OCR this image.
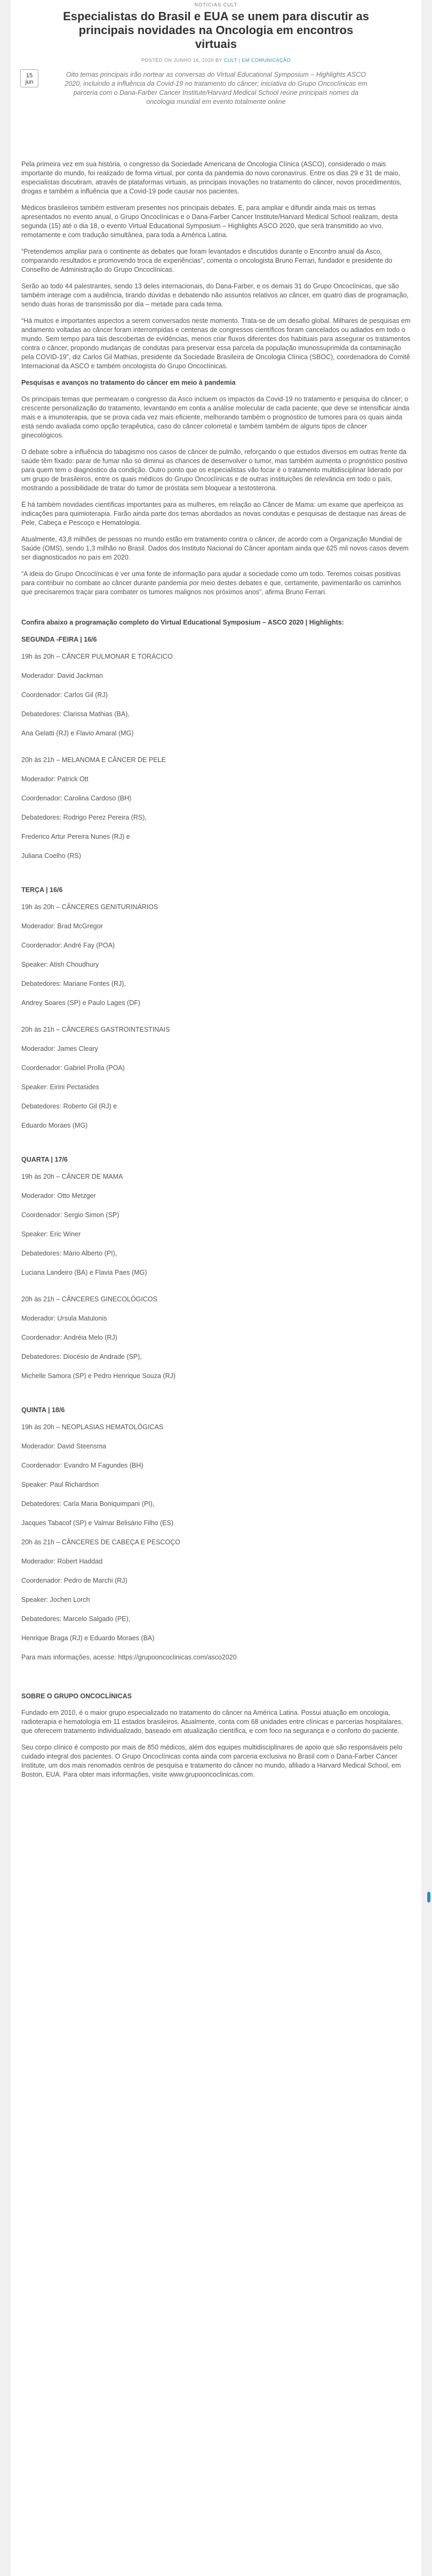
NOTÍCIAS CULT
Especialistas do Brasil e EUA se unem para discutir as principais novidades na Oncologia em encontros virtuais
POSTED ON JUNHO 16, 2020 BY CULT | EM COMUNICAÇÃO
Oito temas principais irão nortear as conversas do Virtual Educational Symposium – Highlights ASCO 2020, incluindo a influência da Covid-19 no tratamento do câncer; iniciativa do Grupo Oncoclínicas em parceria com o Dana-Farber Cancer Institute/Harvard Medical School reúne principais nomes da oncologia mundial em evento totalmente online
15
jun

Pela primeira vez em sua história, o congresso da Sociedade Americana de Oncologia Clínica (ASCO), considerado o mais importante do mundo, foi realizado de forma virtual, por conta da pandemia do novo coronavírus. Entre os dias 29 e 31 de maio, especialistas discutiram, através de plataformas virtuais, as principais inovações no tratamento do câncer, novos procedimentos, drogas e também a influência que a Covid-19 pode causar nos pacientes.

Médicos brasileiros também estiveram presentes nos principais debates. E, para ampliar e difundir ainda mais os temas apresentados no evento anual, o Grupo Oncoclínicas e o Dana-Farber Cancer Institute/Harvard Medical School realizam, desta segunda (15) até o dia 18, o evento Virtual Educational Symposium – Highlights ASCO 2020, que será transmitido ao vivo, remotamente e com tradução simultânea, para toda a América Latina.

“Pretendemos ampliar para o continente as debates que foram levantados e discutidos durante o Encontro anual da Asco, comparando resultados e promovendo troca de experiências”, comenta o oncologista Bruno Ferrari, fundador e presidente do Conselho de Administração do Grupo Oncoclínicas.

Serão ao todo 44 palestrantes, sendo 13 deles internacionais, do Dana-Farber, e os demais 31 do Grupo Oncoclínicas, que são também interage com a audiência, tirando dúvidas e debatendo não assuntos relativos ao câncer, em quatro dias de programação, sendo duas horas de transmissão por dia – metade para cada tema.

“Há muitos e importantes aspectos a serem conversados neste momento. Trata-se de um desafio global. Milhares de pesquisas em andamento voltadas ao câncer foram interrompidas e centenas de congressos científicos foram cancelados ou adiados em todo o mundo. Sem tempo para tais descobertas de evidências, menos criar fluxos diferentes dos habituais para assegurar os tratamentos contra o câncer, propondo mudanças de condutas para preservar essa parcela da população imunossuprimida da contaminação pela COVID-19”, diz Carlos Gil Mathias, presidente da Sociedade Brasileira de Oncologia Clínica (SBOC), coordenadora do Comitê Internacional da ASCO e também oncologista do Grupo Oncoclínicas.

Pesquisas e avanços no tratamento do câncer em meio à pandemia

Os principais temas que permearam o congresso da Asco incluem os impactos da Covid-19 no tratamento e pesquisa do câncer; o crescente personalização do tratamento, levantando em conta a análise molecular de cada paciente, que deve se intensificar ainda mais e a imunoterapia, que se prova cada vez mais eficiente, melhorando também o prognóstico de tumores para os quais ainda está sendo avaliada como opção terapêutica, caso do câncer colorretal e também também de alguns tipos de câncer ginecológicos.

O debate sobre a influência do tabagismo nos casos de câncer de pulmão, reforçando o que estudos diversos em outras frente da saúde têm fixado: parar de fumar não só diminui as chances de desenvolver o tumor, mas também aumenta o prognóstico positivo para quem tem o diagnóstico da condição. Outro ponto que os especialistas vão focar é o tratamento multidisciplinar liderado por um grupo de brasileiros, entre os quais médicos do Grupo Oncoclínicas e de outras instituições de relevância em todo o país, mostrando a possibilidade de tratar do tumor de próstata sem bloquear a testosterona.

É há também novidades científicas importantes para as mulheres, em relação ao Câncer de Mama: um exame que aperfeiçoa as indicações para quimioterapia. Farão ainda parte dos temas abordados as novas condutas e pesquisas de destaque nas áreas de Pele, Cabeça e Pescoço e Hematologia.

Atualmente, 43,8 milhões de pessoas no mundo estão em tratamento contra o câncer, de acordo com a Organização Mundial de Saúde (OMS), sendo 1,3 milhão no Brasil. Dados dos Instituto Nacional do Câncer apontam ainda que 625 mil novos casos devem ser diagnosticados no país em 2020.

“A ideia do Grupo Oncoclínicas é ver uma fonte de informação para ajudar a sociedade como um todo. Teremos coisas positivas para contribuir no combate ao câncer durante pandemia por meio destes debates e que, certamente, pavimentarão os caminhos que precisaremos traçar para combater os tumores malignos nos próximos anos”, afirma Bruno Ferrari.

Confira abaixo a programação completo do Virtual Educational Symposium – ASCO 2020 | Highlights:

SEGUNDA -FEIRA | 16/6

19h às 20h – CÂNCER PULMONAR E TORÁCICO

Moderador: David Jackman

Coordenador: Carlos Gil (RJ)

Debatedores: Clarissa Mathias (BA),

Ana Gelatti (RJ) e Flavio Amaral (MG)

20h às 21h – MELANOMA E CÂNCER DE PELE

Moderador: Patrick Ott

Coordenador: Carolina Cardoso (BH)

Debatedores: Rodrigo Perez Pereira (RS),

Frederico Artur Pereira Nunes (RJ) e

Juliana Coelho (RS)

TERÇA | 16/6

19h às 20h – CÂNCERES GENITURINÁRIOS

Moderador: Brad McGregor

Coordenador: André Fay (POA)

Speaker: Atish Choudhury

Debatedores: Mariane Fontes (RJ),

Andrey Soares (SP) e Paulo Lages (DF)

20h às 21h – CÂNCERES GASTROINTESTINAIS

Moderador: James Cleary

Coordenador: Gabriel Prolla (POA)

Speaker: Eirini Pectasides

Debatedores: Roberto Gil (RJ) e

Eduardo Moraes (MG)

QUARTA | 17/6

19h às 20h – CÂNCER DE MAMA

Moderador: Otto Metzger

Coordenador: Sergio Simon (SP)

Speaker: Eric Winer

Debatedores: Mário Alberto (PI),

Luciana Landeiro (BA) e Flavia Paes (MG)

20h às 21h – CÂNCERES GINECOLÓGICOS

Moderador: Ursula Matulonis

Coordenador: Andréia Melo (RJ)

Debatedores: Diocésio de Andrade (SP),

Michelle Samora (SP) e Pedro Henrique Souza (RJ)

QUINTA | 18/6

19h às 20h – NEOPLASIAS HEMATOLÓGICAS

Moderador: David Steensma

Coordenador: Evandro M Fagundes (BH)

Speaker: Paul Richardson

Debatedores: Carla Maria Boniquimpani (PI),

Jacques Tabacof (SP) e Valmar Belisário Filho (ES)

20h às 21h – CÂNCERES DE CABEÇA E PESCOÇO

Moderador: Robert Haddad

Coordenador: Pedro de Marchi (RJ)

Speaker: Jochen Lorch

Debatedores: Marcelo Salgado (PE),

Henrique Braga (RJ) e Eduardo Moraes (BA)

Para mais informações, acesse: https://grupooncoclinicas.com/asco2020

SOBRE O GRUPO ONCOCLÍNICAS

Fundado em 2010, é o maior grupo especializado no tratamento do câncer na América Latina. Possui atuação em oncologia, radioterapia e hematologia em 11 estados brasileiros. Atualmente, conta com 68 unidades entre clínicas e parcerias hospitalares, que oferecem tratamento individualizado, baseado em atualização científica, e com foco na segurança e o conforto do paciente.

Seu corpo clínico é composto por mais de 850 médicos, além dos equipes multidisciplinares de apoio que são responsáveis pelo cuidado integral dos pacientes. O Grupo Oncoclínicas conta ainda com parceria exclusiva no Brasil com o Dana-Farber Cancer Institute, um dos mais renomados centros de pesquisa e tratamento do câncer no mundo, afiliado a Harvard Medical School, em Boston, EUA. Para obter mais informações, visite www.grupooncoclinicas.com.
